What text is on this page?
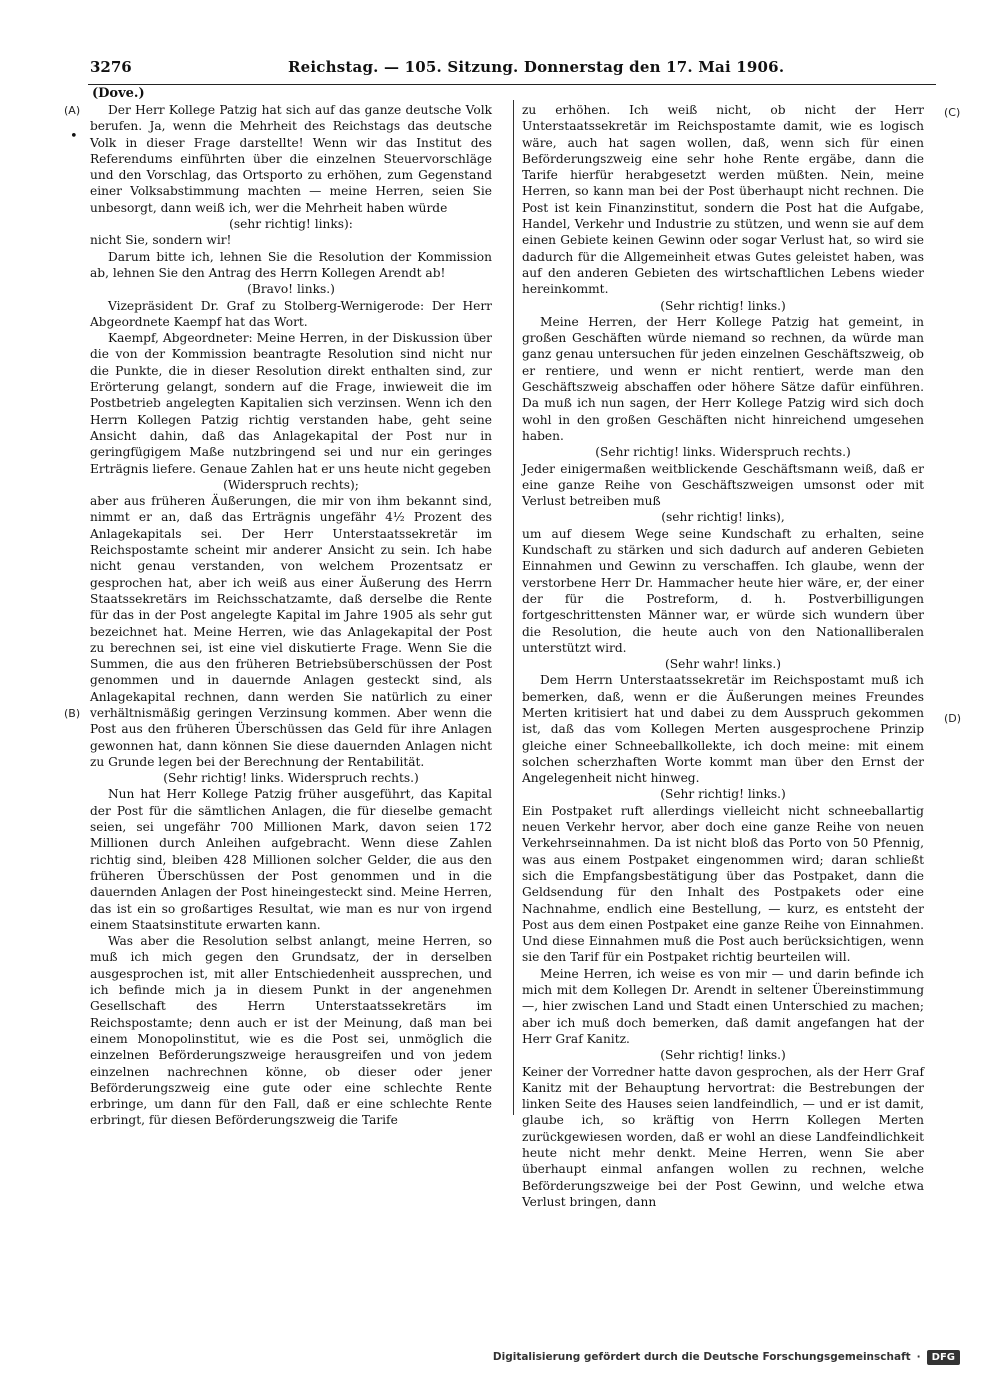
3276	Reichstag. — 105. Sitzung. Donnerstag den 17. Mai 1906.
(Dove.)
(A)
•
(B)
(C)
(D)

Der Herr Kollege Patzig hat sich auf das ganze deutsche Volk berufen. Ja, wenn die Mehrheit des Reichstags das deutsche Volk in dieser Frage darstellte! Wenn wir das Institut des Referendums einführten über die einzelnen Steuervorschläge und den Vorschlag, das Ortsporto zu erhöhen, zum Gegenstand einer Volksabstimmung machten — meine Herren, seien Sie unbesorgt, dann weiß ich, wer die Mehrheit haben würde

(sehr richtig! links):

nicht Sie, sondern wir!

Darum bitte ich, lehnen Sie die Resolution der Kommission ab, lehnen Sie den Antrag des Herrn Kollegen Arendt ab!

(Bravo! links.)

Vizepräsident Dr. Graf zu Stolberg-Wernigerode: Der Herr Abgeordnete Kaempf hat das Wort.

Kaempf, Abgeordneter: Meine Herren, in der Diskussion über die von der Kommission beantragte Resolution sind nicht nur die Punkte, die in dieser Resolution direkt enthalten sind, zur Erörterung gelangt, sondern auf die Frage, inwieweit die im Postbetrieb angelegten Kapitalien sich verzinsen. Wenn ich den Herrn Kollegen Patzig richtig verstanden habe, geht seine Ansicht dahin, daß das Anlagekapital der Post nur in geringfügigem Maße nutzbringend sei und nur ein geringes Erträgnis liefere. Genaue Zahlen hat er uns heute nicht gegeben

(Widerspruch rechts);

aber aus früheren Äußerungen, die mir von ihm bekannt sind, nimmt er an, daß das Erträgnis ungefähr 4½ Prozent des Anlagekapitals sei. Der Herr Unterstaatssekretär im Reichspostamte scheint mir anderer Ansicht zu sein. Ich habe nicht genau verstanden, von welchem Prozentsatz er gesprochen hat, aber ich weiß aus einer Äußerung des Herrn Staatssekretärs im Reichsschatzamte, daß derselbe die Rente für das in der Post angelegte Kapital im Jahre 1905 als sehr gut bezeichnet hat. Meine Herren, wie das Anlagekapital der Post zu berechnen sei, ist eine viel diskutierte Frage. Wenn Sie die Summen, die aus den früheren Betriebsüberschüssen der Post genommen und in dauernde Anlagen gesteckt sind, als Anlagekapital rechnen, dann werden Sie natürlich zu einer verhältnismäßig geringen Verzinsung kommen. Aber wenn die Post aus den früheren Überschüssen das Geld für ihre Anlagen gewonnen hat, dann können Sie diese dauernden Anlagen nicht zu Grunde legen bei der Berechnung der Rentabilität.

(Sehr richtig! links. Widerspruch rechts.)

Nun hat Herr Kollege Patzig früher ausgeführt, das Kapital der Post für die sämtlichen Anlagen, die für dieselbe gemacht seien, sei ungefähr 700 Millionen Mark, davon seien 172 Millionen durch Anleihen aufgebracht. Wenn diese Zahlen richtig sind, bleiben 428 Millionen solcher Gelder, die aus den früheren Überschüssen der Post genommen und in die dauernden Anlagen der Post hineingesteckt sind. Meine Herren, das ist ein so großartiges Resultat, wie man es nur von irgend einem Staatsinstitute erwarten kann.

Was aber die Resolution selbst anlangt, meine Herren, so muß ich mich gegen den Grundsatz, der in derselben ausgesprochen ist, mit aller Entschiedenheit aussprechen, und ich befinde mich ja in diesem Punkt in der angenehmen Gesellschaft des Herrn Unterstaatssekretärs im Reichspostamte; denn auch er ist der Meinung, daß man bei einem Monopolinstitut, wie es die Post sei, unmöglich die einzelnen Beförderungszweige herausgreifen und von jedem einzelnen nachrechnen könne, ob dieser oder jener Beförderungszweig eine gute oder eine schlechte Rente erbringe, um dann für den Fall, daß er eine schlechte Rente erbringt, für diesen Beförderungszweig die Tarife

zu erhöhen. Ich weiß nicht, ob nicht der Herr Unterstaatssekretär im Reichspostamte damit, wie es logisch wäre, auch hat sagen wollen, daß, wenn sich für einen Beförderungszweig eine sehr hohe Rente ergäbe, dann die Tarife hierfür herabgesetzt werden müßten. Nein, meine Herren, so kann man bei der Post überhaupt nicht rechnen. Die Post ist kein Finanzinstitut, sondern die Post hat die Aufgabe, Handel, Verkehr und Industrie zu stützen, und wenn sie auf dem einen Gebiete keinen Gewinn oder sogar Verlust hat, so wird sie dadurch für die Allgemeinheit etwas Gutes geleistet haben, was auf den anderen Gebieten des wirtschaftlichen Lebens wieder hereinkommt.

(Sehr richtig! links.)

Meine Herren, der Herr Kollege Patzig hat gemeint, in großen Geschäften würde niemand so rechnen, da würde man ganz genau untersuchen für jeden einzelnen Geschäftszweig, ob er rentiere, und wenn er nicht rentiert, werde man den Geschäftszweig abschaffen oder höhere Sätze dafür einführen. Da muß ich nun sagen, der Herr Kollege Patzig wird sich doch wohl in den großen Geschäften nicht hinreichend umgesehen haben.

(Sehr richtig! links. Widerspruch rechts.)

Jeder einigermaßen weitblickende Geschäftsmann weiß, daß er eine ganze Reihe von Geschäftszweigen umsonst oder mit Verlust betreiben muß

(sehr richtig! links),

um auf diesem Wege seine Kundschaft zu erhalten, seine Kundschaft zu stärken und sich dadurch auf anderen Gebieten Einnahmen und Gewinn zu verschaffen. Ich glaube, wenn der verstorbene Herr Dr. Hammacher heute hier wäre, er, der einer der für die Postreform, d. h. Postverbilligungen fortgeschrittensten Männer war, er würde sich wundern über die Resolution, die heute auch von den Nationalliberalen unterstützt wird.

(Sehr wahr! links.)

Dem Herrn Unterstaatssekretär im Reichspostamt muß ich bemerken, daß, wenn er die Äußerungen meines Freundes Merten kritisiert hat und dabei zu dem Ausspruch gekommen ist, daß das vom Kollegen Merten ausgesprochene Prinzip gleiche einer Schneeballkollekte, ich doch meine: mit einem solchen scherzhaften Worte kommt man über den Ernst der Angelegenheit nicht hinweg.

(Sehr richtig! links.)

Ein Postpaket ruft allerdings vielleicht nicht schneeballartig neuen Verkehr hervor, aber doch eine ganze Reihe von neuen Verkehrseinnahmen. Da ist nicht bloß das Porto von 50 Pfennig, was aus einem Postpaket eingenommen wird; daran schließt sich die Empfangsbestätigung über das Postpaket, dann die Geldsendung für den Inhalt des Postpakets oder eine Nachnahme, endlich eine Bestellung, — kurz, es entsteht der Post aus dem einen Postpaket eine ganze Reihe von Einnahmen. Und diese Einnahmen muß die Post auch berücksichtigen, wenn sie den Tarif für ein Postpaket richtig beurteilen will.

Meine Herren, ich weise es von mir — und darin befinde ich mich mit dem Kollegen Dr. Arendt in seltener Übereinstimmung —, hier zwischen Land und Stadt einen Unterschied zu machen; aber ich muß doch bemerken, daß damit angefangen hat der Herr Graf Kanitz.

(Sehr richtig! links.)

Keiner der Vorredner hatte davon gesprochen, als der Herr Graf Kanitz mit der Behauptung hervortrat: die Bestrebungen der linken Seite des Hauses seien landfeindlich, — und er ist damit, glaube ich, so kräftig von Herrn Kollegen Merten zurückgewiesen worden, daß er wohl an diese Landfeindlichkeit heute nicht mehr denkt. Meine Herren, wenn Sie aber überhaupt einmal anfangen wollen zu rechnen, welche Beförderungszweige bei der Post Gewinn, und welche etwa Verlust bringen, dann

Digitalisierung gefördert durch die Deutsche Forschungsgemeinschaft ·	DFG
